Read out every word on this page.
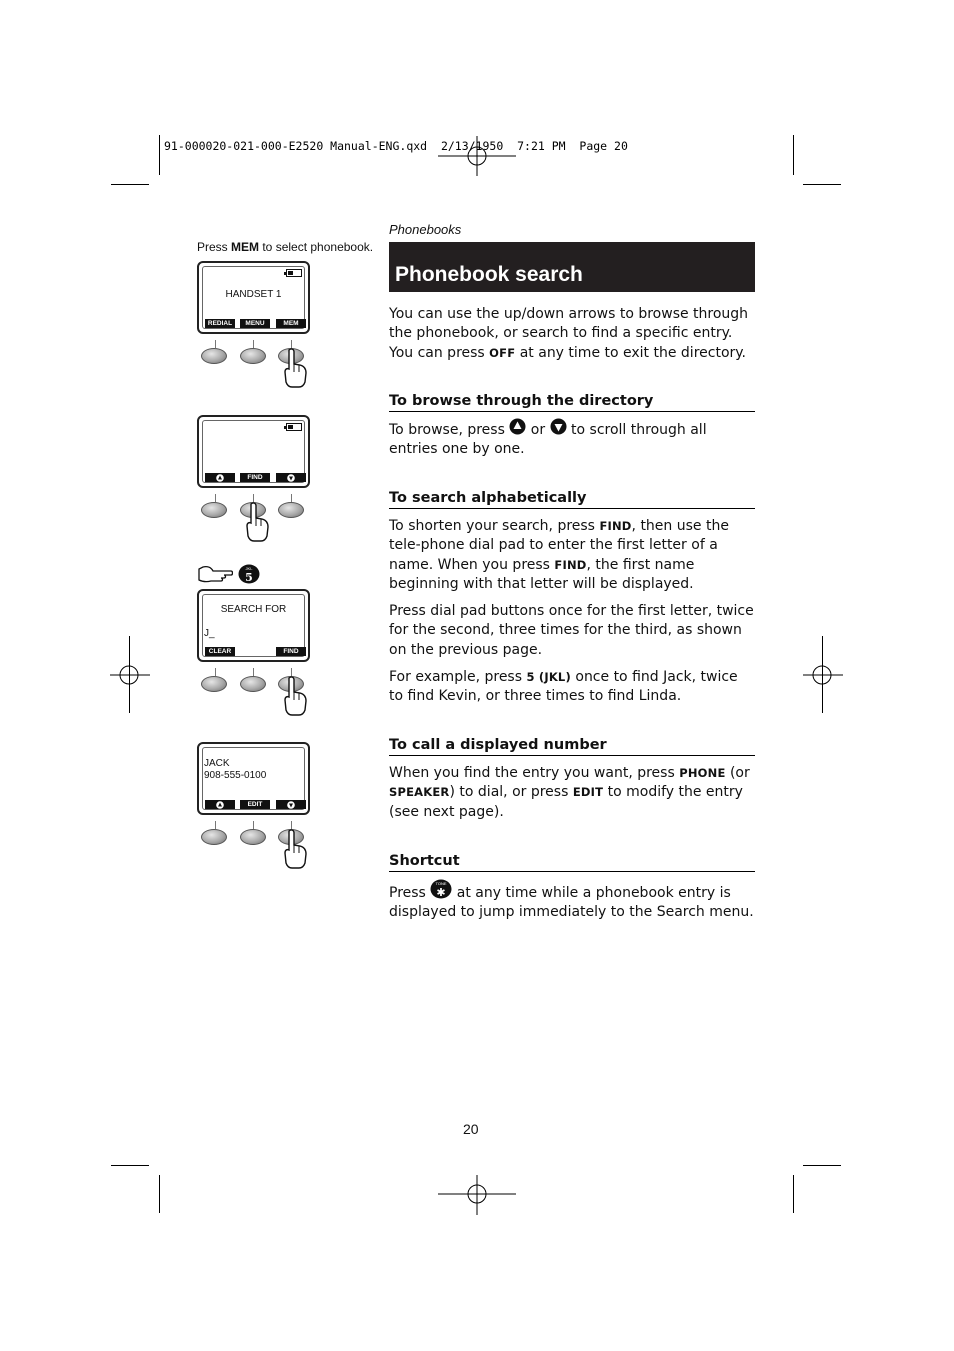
91-000020-021-000-E2520 Manual-ENG.qxd  2/13/1950  7:21 PM  Page 20
Phonebooks
Phonebook search
You can use the up/down arrows to browse through the phonebook, or search to find a specific entry. You can press OFF at any time to exit the directory.
To browse through the directory
To browse, press or to scroll through all entries one by one.
To search alphabetically
To shorten your search, press FIND, then use the tele-phone dial pad to enter the first letter of a name. When you press FIND, the first name beginning with that letter will be displayed.
Press dial pad buttons once for the first letter, twice for the second, three times for the third, as shown on the previous page.
For example, press 5 (JKL) once to find Jack, twice to find Kevin, or three times to find Linda.
To call a displayed number
When you find the entry you want, press PHONE (or SPEAKER) to dial, or press EDIT to modify the entry (see next page).
Shortcut
Press
TONE
✱ at any time while a phonebook entry is displayed to jump immediately to the Search menu.
Press MEM to select phonebook.
HANDSET 1
REDIAL	MENU	MEM
FIND
JKL
5
SEARCH FOR
J_
CLEAR	FIND
JACK
908-555-0100
EDIT
20
